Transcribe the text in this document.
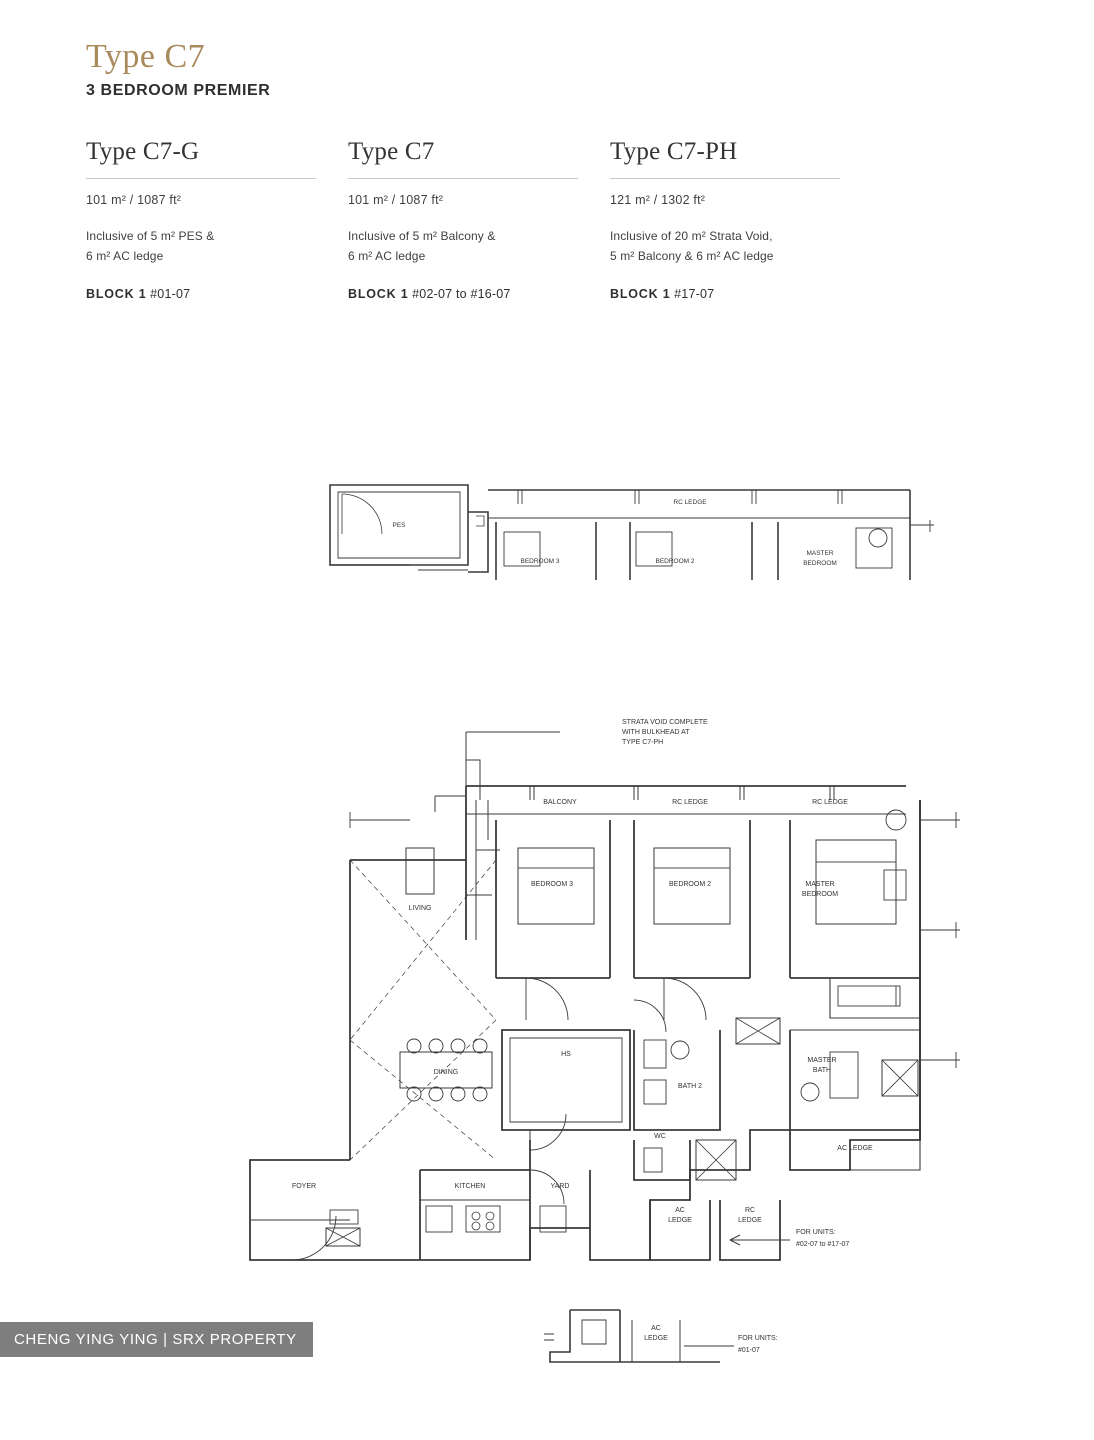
Type C7
3 BEDROOM PREMIER
Type C7-G
101 m² / 1087 ft²
Inclusive of 5 m² PES &
6 m² AC ledge
BLOCK 1 #01-07
Type C7
101 m² / 1087 ft²
Inclusive of 5 m² Balcony &
6 m² AC ledge
BLOCK 1 #02-07 to #16-07
Type C7-PH
121 m² / 1302 ft²
Inclusive of 20 m² Strata Void,
5 m² Balcony & 6 m² AC ledge
BLOCK 1 #17-07
PES
RC LEDGE
BEDROOM 3	BEDROOM 2
MASTER
BEDROOM
STRATA VOID COMPLETE
WITH BULKHEAD AT
TYPE C7-PH
BALCONY	RC LEDGE	RC LEDGE
LIVING
DINING
BEDROOM 3	BEDROOM 2	MASTER
BEDROOM
MASTER
BATH
BATH 2
HS
WC
YARD
KITCHEN
FOYER
AC
LEDGE
RC
LEDGE
AC LEDGE
FOR UNITS:
#02-07 to #17-07
AC
LEDGE	FOR UNITS:
#01-07
CHENG YING YING | SRX PROPERTY
